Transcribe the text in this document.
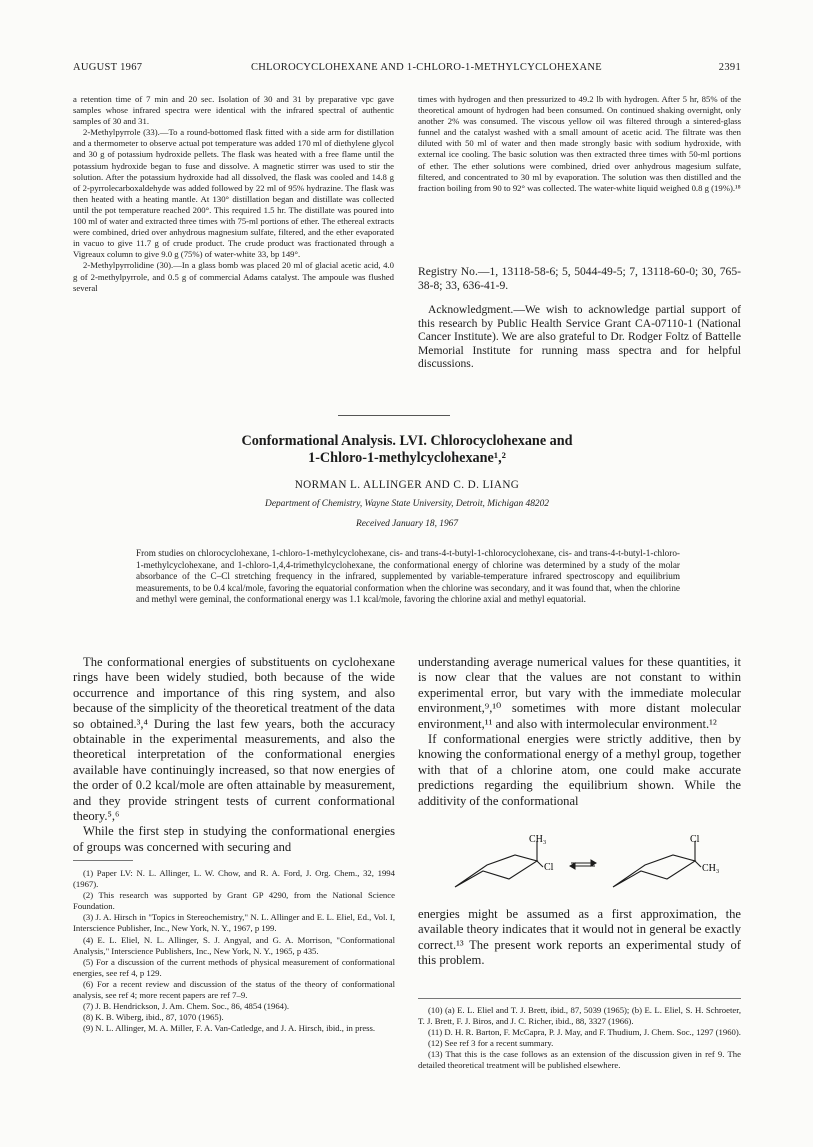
AUGUST 1967	CHLOROCYCLOHEXANE AND 1-CHLORO-1-METHYLCYCLOHEXANE	2391

a retention time of 7 min and 20 sec. Isolation of 30 and 31 by preparative vpc gave samples whose infrared spectra were identical with the infrared spectral of authentic samples of 30 and 31.

2-Methylpyrrole (33).—To a round-bottomed flask fitted with a side arm for distillation and a thermometer to observe actual pot temperature was added 170 ml of diethylene glycol and 30 g of potassium hydroxide pellets. The flask was heated with a free flame until the potassium hydroxide began to fuse and dissolve. A magnetic stirrer was used to stir the solution. After the potassium hydroxide had all dissolved, the flask was cooled and 14.8 g of 2-pyrrolecarboxaldehyde was added followed by 22 ml of 95% hydrazine. The flask was then heated with a heating mantle. At 130° distillation began and distillate was collected until the pot temperature reached 200°. This required 1.5 hr. The distillate was poured into 100 ml of water and extracted three times with 75-ml portions of ether. The ethereal extracts were combined, dried over anhydrous magnesium sulfate, filtered, and the ether evaporated in vacuo to give 11.7 g of crude product. The crude product was fractionated through a Vigreaux column to give 9.0 g (75%) of water-white 33, bp 149°.

2-Methylpyrrolidine (30).—In a glass bomb was placed 20 ml of glacial acetic acid, 4.0 g of 2-methylpyrrole, and 0.5 g of commercial Adams catalyst. The ampoule was flushed several

times with hydrogen and then pressurized to 49.2 lb with hydrogen. After 5 hr, 85% of the theoretical amount of hydrogen had been consumed. On continued shaking overnight, only another 2% was consumed. The viscous yellow oil was filtered through a sintered-glass funnel and the catalyst washed with a small amount of acetic acid. The filtrate was then diluted with 50 ml of water and then made strongly basic with sodium hydroxide, with external ice cooling. The basic solution was then extracted three times with 50-ml portions of ether. The ether solutions were combined, dried over anhydrous magesium sulfate, filtered, and concentrated to 30 ml by evaporation. The solution was then distilled and the fraction boiling from 90 to 92° was collected. The water-white liquid weighed 0.8 g (19%).¹⁸

Registry No.—1, 13118-58-6; 5, 5044-49-5; 7, 13118-60-0; 30, 765-38-8; 33, 636-41-9.

Acknowledgment.—We wish to acknowledge partial support of this research by Public Health Service Grant CA-07110-1 (National Cancer Institute). We are also grateful to Dr. Rodger Foltz of Battelle Memorial Institute for running mass spectra and for helpful discussions.

Conformational Analysis. LVI. Chlorocyclohexane and
1-Chloro-1-methylcyclohexane¹,²
NORMAN L. ALLINGER AND C. D. LIANG
Department of Chemistry, Wayne State University, Detroit, Michigan 48202
Received January 18, 1967
From studies on chlorocyclohexane, 1-chloro-1-methylcyclohexane, cis- and trans-4-t-butyl-1-chlorocyclohexane, cis- and trans-4-t-butyl-1-chloro-1-methylcyclohexane, and 1-chloro-1,4,4-trimethylcyclohexane, the conformational energy of chlorine was determined by a study of the molar absorbance of the C–Cl stretching frequency in the infrared, supplemented by variable-temperature infrared spectroscopy and equilibrium measurements, to be 0.4 kcal/mole, favoring the equatorial conformation when the chlorine was secondary, and it was found that, when the chlorine and methyl were geminal, the conformational energy was 1.1 kcal/mole, favoring the chlorine axial and methyl equatorial.

The conformational energies of substituents on cyclohexane rings have been widely studied, both because of the wide occurrence and importance of this ring system, and also because of the simplicity of the theoretical treatment of the data so obtained.³,⁴ During the last few years, both the accuracy obtainable in the experimental measurements, and also the theoretical interpretation of the conformational energies available have continuingly increased, so that now energies of the order of 0.2 kcal/mole are often attainable by measurement, and they provide stringent tests of current conformational theory.⁵,⁶

While the first step in studying the conformational energies of groups was concerned with securing and

understanding average numerical values for these quantities, it is now clear that the values are not constant to within experimental error, but vary with the immediate molecular environment,⁹,¹⁰ sometimes with more distant molecular environment,¹¹ and also with intermolecular environment.¹²

If conformational energies were strictly additive, then by knowing the conformational energy of a methyl group, together with that of a chlorine atom, one could make accurate predictions regarding the equilibrium shown. While the additivity of the conformational

CH₃
Cl
Cl
CH₃

energies might be assumed as a first approximation, the available theory indicates that it would not in general be exactly correct.¹³ The present work reports an experimental study of this problem.

(1) Paper LV: N. L. Allinger, L. W. Chow, and R. A. Ford, J. Org. Chem., 32, 1994 (1967).

(2) This research was supported by Grant GP 4290, from the National Science Foundation.

(3) J. A. Hirsch in "Topics in Stereochemistry," N. L. Allinger and E. L. Eliel, Ed., Vol. I, Interscience Publisher, Inc., New York, N. Y., 1967, p 199.

(4) E. L. Eliel, N. L. Allinger, S. J. Angyal, and G. A. Morrison, "Conformational Analysis," Interscience Publishers, Inc., New York, N. Y., 1965, p 435.

(5) For a discussion of the current methods of physical measurement of conformational energies, see ref 4, p 129.

(6) For a recent review and discussion of the status of the theory of conformational analysis, see ref 4; more recent papers are ref 7–9.

(7) J. B. Hendrickson, J. Am. Chem. Soc., 86, 4854 (1964).

(8) K. B. Wiberg, ibid., 87, 1070 (1965).

(9) N. L. Allinger, M. A. Miller, F. A. Van-Catledge, and J. A. Hirsch, ibid., in press.

(10) (a) E. L. Eliel and T. J. Brett, ibid., 87, 5039 (1965); (b) E. L. Eliel, S. H. Schroeter, T. J. Brett, F. J. Biros, and J. C. Richer, ibid., 88, 3327 (1966).

(11) D. H. R. Barton, F. McCapra, P. J. May, and F. Thudium, J. Chem. Soc., 1297 (1960).

(12) See ref 3 for a recent summary.

(13) That this is the case follows as an extension of the discussion given in ref 9. The detailed theoretical treatment will be published elsewhere.
